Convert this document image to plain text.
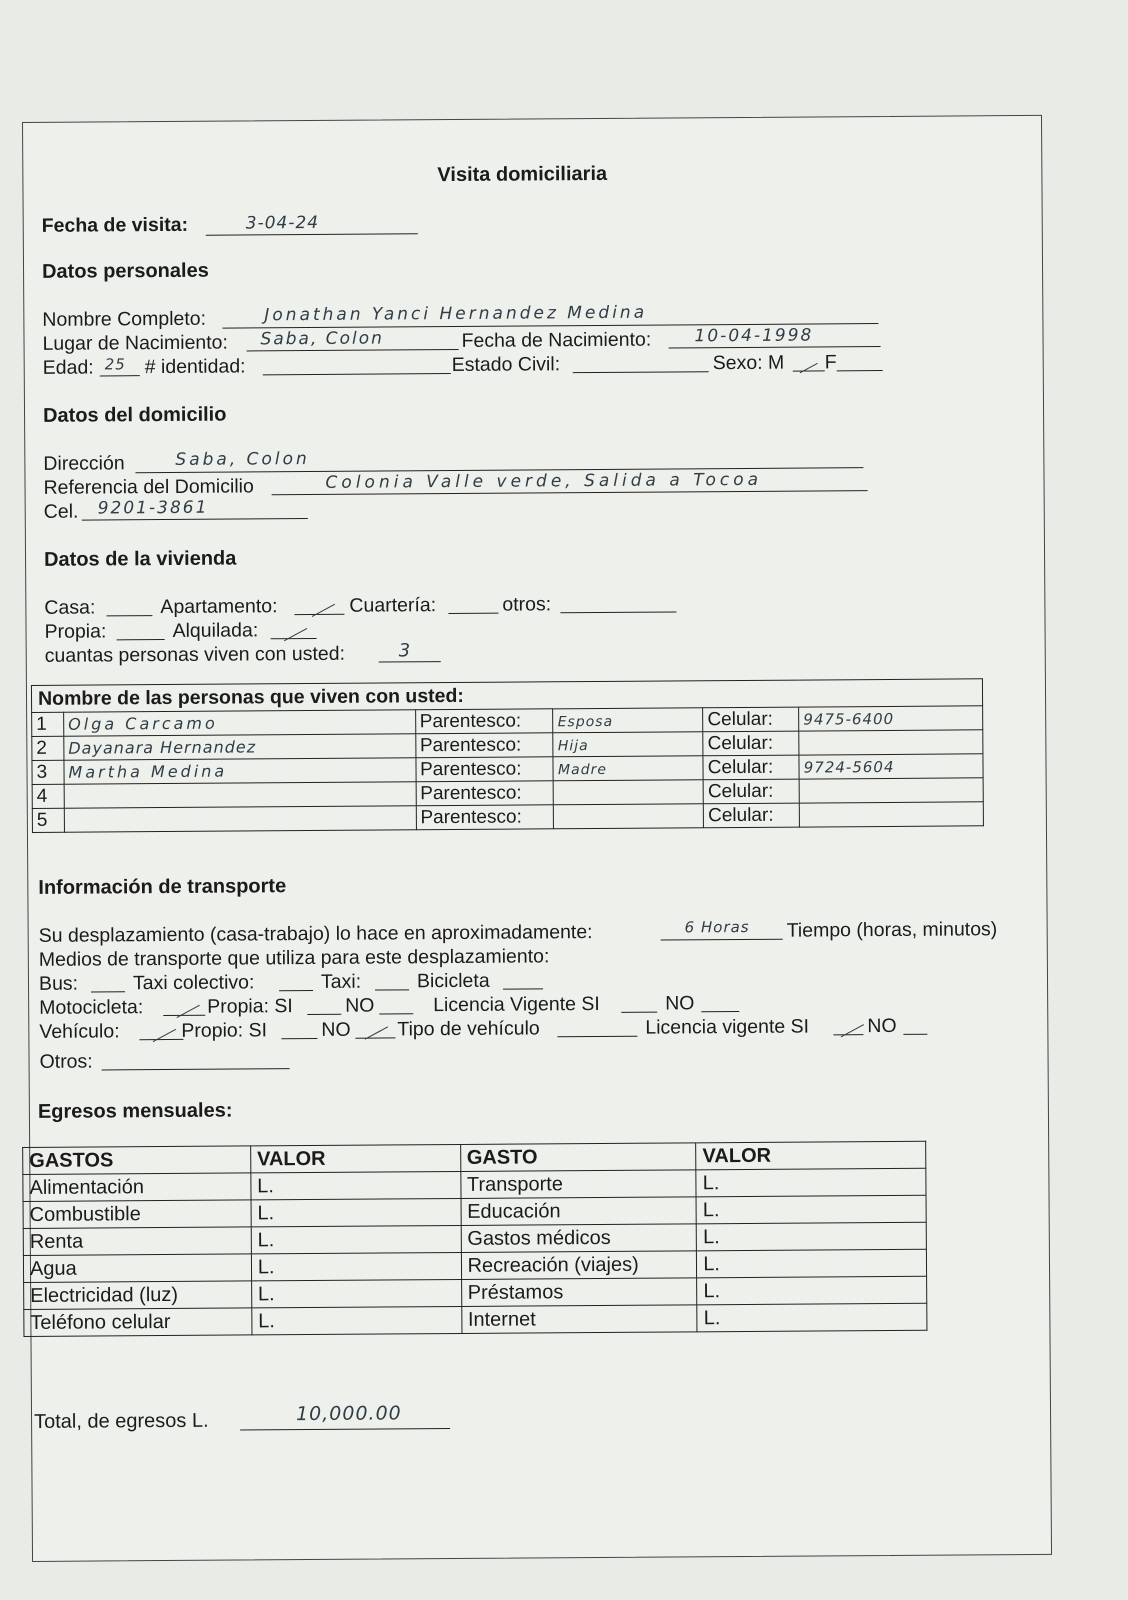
Visita domiciliaria
Fecha de visita:	3-04-24
Datos personales
Nombre Completo:	Jonathan Yanci Hernandez Medina
Lugar de Nacimiento: Saba, Colon	Fecha de Nacimiento:	10-04-1998
Edad: 25 # identidad:	Estado Civil:	Sexo: M F
Datos del domicilio
Dirección	Saba, Colon
Referencia del Domicilio	Colonia Valle verde, Salida a Tocoa
Cel. 9201-3861
Datos de la vivienda
Casa:	Apartamento:	Cuartería:	otros:
Propia:	Alquilada:
cuantas personas viven con usted:	3
Nombre de las personas que viven con usted:					
1	Olga Carcamo	Parentesco:	Esposa	Celular:	9475-6400
2	Dayanara Hernandez	Parentesco:	Hija	Celular:	
3	Martha Medina	Parentesco:	Madre	Celular:	9724-5604
4		Parentesco:		Celular:	
5		Parentesco:		Celular:	
Información de transporte
Su desplazamiento (casa-trabajo) lo hace en aproximadamente:	6 Horas Tiempo (horas, minutos)
Medios de transporte que utiliza para este desplazamiento:
Bus:	Taxi colectivo:	Taxi:	Bicicleta
Motocicleta:	Propia: SI	NO	Licencia Vigente SI	NO
Vehículo:	Propio: SI	NO Tipo de vehículo	Licencia vigente SI	NO
Otros:
Egresos mensuales:
GASTOS	VALOR	GASTO	VALOR
Alimentación	L.	Transporte	L.
Combustible	L.	Educación	L.
Renta	L.	Gastos médicos	L.
Agua	L.	Recreación (viajes)	L.
Electricidad (luz)	L.	Préstamos	L.
Teléfono celular	L.	Internet	L.
Total, de egresos L.	10,000.00
